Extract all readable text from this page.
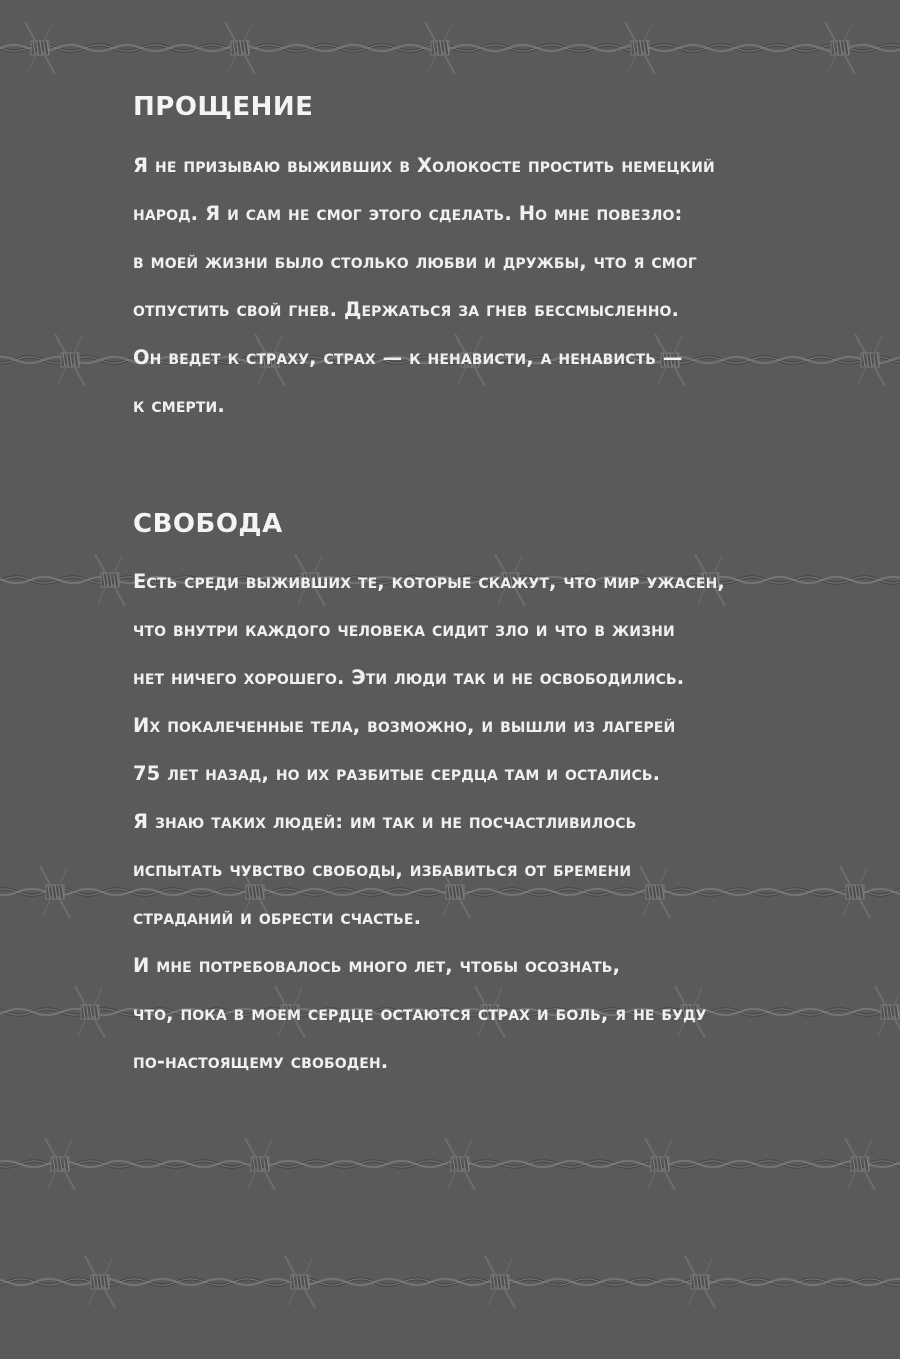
ПРОЩЕНИЕ

Я не призываю выживших в Холокосте простить немецкий

народ. Я и сам не смог этого сделать. Но мне повезло:

в моей жизни было столько любви и дружбы, что я смог

отпустить свой гнев. Держаться за гнев бессмысленно.

Он ведет к страху, страх — к ненависти, а ненависть —

к смерти.

СВОБОДА

Есть среди выживших те, которые скажут, что мир ужасен,

что внутри каждого человека сидит зло и что в жизни

нет ничего хорошего. Эти люди так и не освободились.

Их покалеченные тела, возможно, и вышли из лагерей

75 лет назад, но их разбитые сердца там и остались.

Я знаю таких людей: им так и не посчастливилось

испытать чувство свободы, избавиться от бремени

страданий и обрести счастье.

И мне потребовалось много лет, чтобы осознать,

что, пока в моем сердце остаются страх и боль, я не буду

по-настоящему свободен.
